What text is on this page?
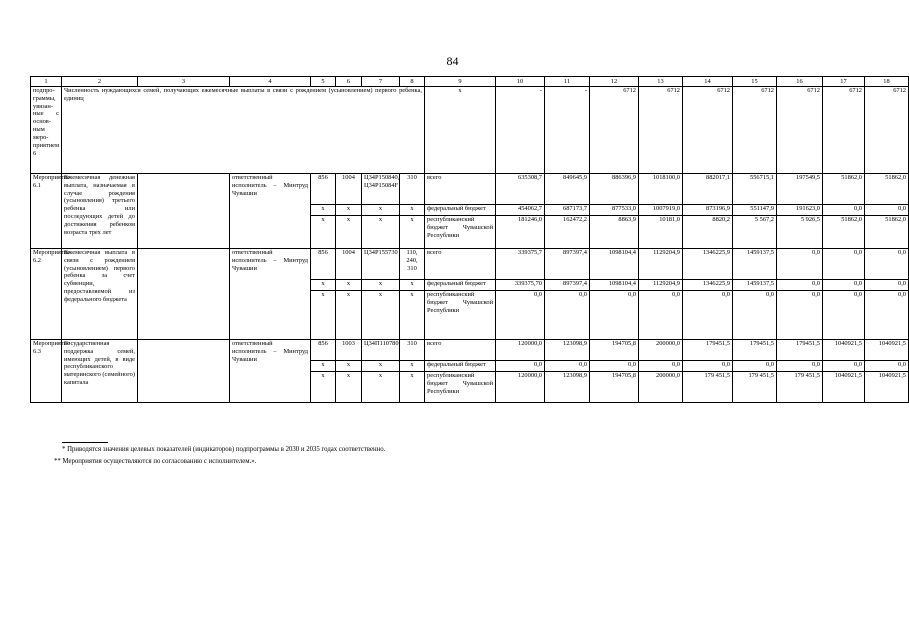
84
1	2	3	4	5	6	7	8	9	10	11	12	13	14	15	16	17	18
подпро-граммы, увязан-ные с основ-ным меро-приятием 6	Численность нуждающихся семей, получающих ежемесячные выплаты в связи с рождением (усыновлением) первого ребенка, единиц							x	-	-	6712	6712	6712	6712	6712	6712	6712
Мероприятие 6.1	Ежемесячная денежная выплата, назначаемая в случае рождения (усыновления) третьего ребенка или последующих детей до достижения ребенком возраста трех лет		ответственный исполнитель – Минтруд Чувашии	856	1004	Ц34Р150840, Ц34Р15084F	310	всего	635308,7	849645,9	886396,9	1018100,0	882017,1	556715,1	197549,5	51862,0	51862,0
				x	x	x	x	федеральный бюджет	454062,7	687173,7	877533,0	1007919,0	873196,9	551147,9	191623,0	0,0	0,0
				x	x	x	x	республиканский бюджет Чувашской Республики	181246,0	162472,2	8863,9	10181,0	8820,2	5 567,2	5 926,5	51862,0	51862,0
Мероприятие 6.2	Ежемесячная выплата в связи с рождением (усыновлением) первого ребенка за счет субвенции, предоставляемой из федерального бюджета		ответственный исполнитель – Минтруд Чувашии	856	1004	Ц34Р155730	110, 240, 310	всего	339375,7	897397,4	1098104,4	1129204,9	1346225,9	1459137,5	0,0	0,0	0,0
				x	x	x	x	федеральный бюджет	339375,70	897397,4	1098104,4	1129204,9	1346225,9	1459137,5	0,0	0,0	0,0
				x	x	x	x	республиканский бюджет Чувашской Республики	0,0	0,0	0,0	0,0	0,0	0,0	0,0	0,0	0,0
Мероприятие 6.3	Государственная поддержка семей, имеющих детей, в виде республиканского материнского (семейного) капитала		ответственный исполнитель – Минтруд Чувашии	856	1003	Ц34П110780	310	всего	120000,0	123098,9	194705,8	200000,0	179451,5	179451,5	179451,5	1040921,5	1040921,5
				x	x	x	x	федеральный бюджет	0,0	0,0	0,0	0,0	0,0	0,0	0,0	0,0	0,0
				x	x	x	x	республиканский бюджет Чувашской Республики	120000,0	123098,9	194705,8	200000,0	179 451,5	179 451,5	179 451,5	1040921,5	1040921,5
* Приводятся значения целевых показателей (индикаторов) подпрограммы в 2030 и 2035 годах соответственно.
** Мероприятия осуществляются по согласованию с исполнителем.».
